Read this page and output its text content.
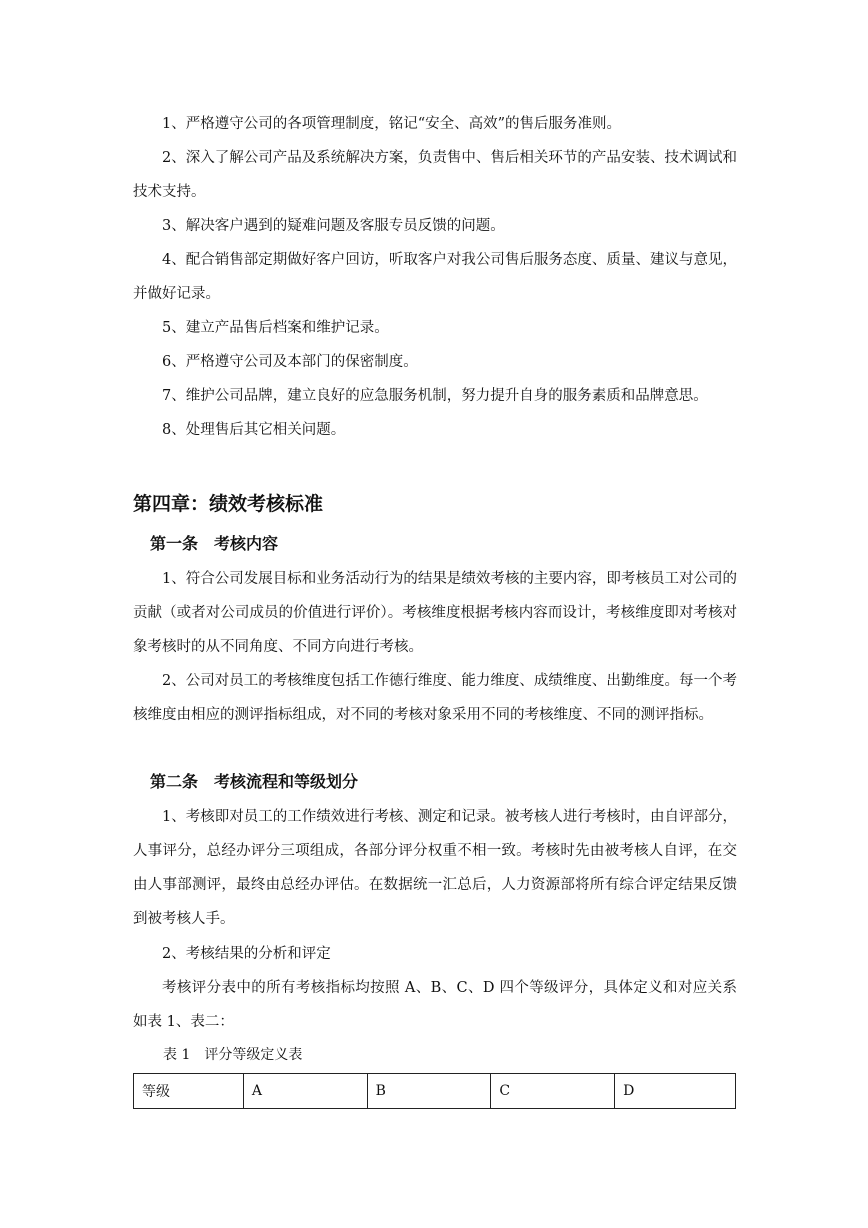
1、严格遵守公司的各项管理制度，铭记“安全、高效”的售后服务准则。

2、深入了解公司产品及系统解决方案，负责售中、售后相关环节的产品安装、技术调试和技术支持。

3、解决客户遇到的疑难问题及客服专员反馈的问题。

4、配合销售部定期做好客户回访，听取客户对我公司售后服务态度、质量、建议与意见，并做好记录。

5、建立产品售后档案和维护记录。

6、严格遵守公司及本部门的保密制度。

7、维护公司品牌，建立良好的应急服务机制，努力提升自身的服务素质和品牌意思。

8、处理售后其它相关问题。

第四章：绩效考核标准
第一条　考核内容

1、符合公司发展目标和业务活动行为的结果是绩效考核的主要内容，即考核员工对公司的贡献（或者对公司成员的价值进行评价）。考核维度根据考核内容而设计，考核维度即对考核对象考核时的从不同角度、不同方向进行考核。

2、公司对员工的考核维度包括工作德行维度、能力维度、成绩维度、出勤维度。每一个考核维度由相应的测评指标组成，对不同的考核对象采用不同的考核维度、不同的测评指标。

第二条　考核流程和等级划分

1、考核即对员工的工作绩效进行考核、测定和记录。被考核人进行考核时，由自评部分，人事评分，总经办评分三项组成，各部分评分权重不相一致。考核时先由被考核人自评，在交由人事部测评，最终由总经办评估。在数据统一汇总后，人力资源部将所有综合评定结果反馈到被考核人手。

2、考核结果的分析和评定

考核评分表中的所有考核指标均按照 A、B、C、D 四个等级评分，具体定义和对应关系如表 1、表二：

表 1　评分等级定义表
等级	A	B	C	D
